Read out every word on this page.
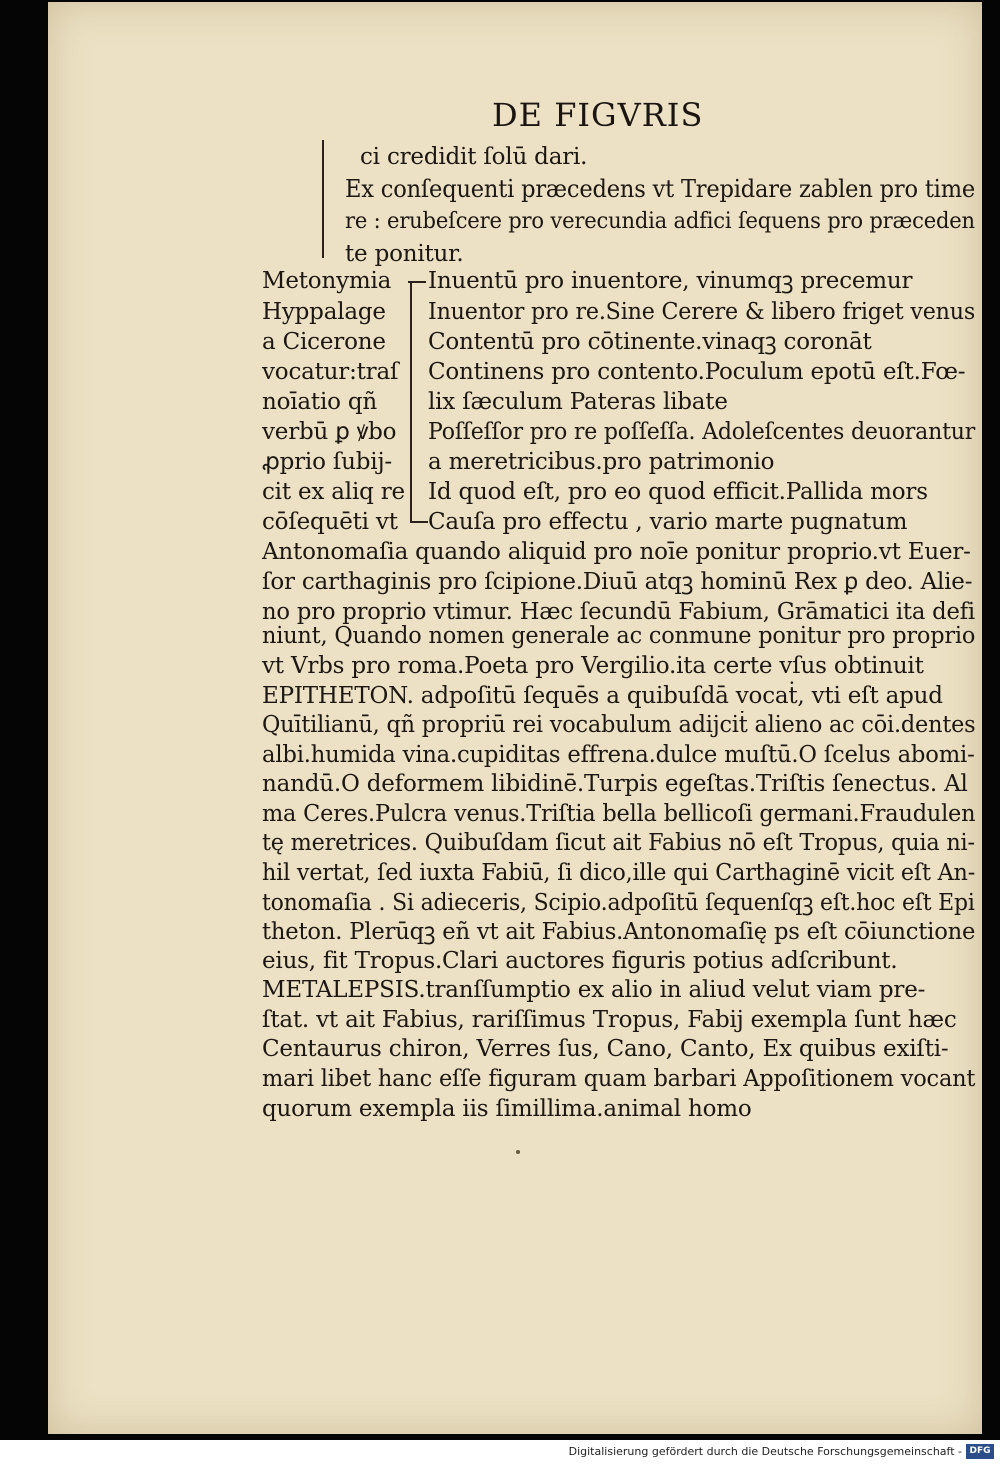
DE FIGVRIS
ci credidit ſolū dari.
Ex conſequenti præcedens vt Trepidare zablen pro time
re : erubeſcere pro verecundia adfici ſequens pro præceden
te ponitur.
Metonymia
Hyppalage
a Cicerone
vocatur:traſ
noīatio qñ
verbū ꝑ ꝟbo
ꝓprio ſubij-
cit ex aliq re
cōſequēti vt
Inuentū pro inuentore, vinumqꝫ precemur
Inuentor pro re.Sine Cerere & libero friget venus
Contentū pro cōtinente.vinaqꝫ coronāt
Continens pro contento.Poculum epotū eſt.Fœ-
lix ſæculum Pateras libate
Poſſeſſor pro re poſſeſſa. Adoleſcentes deuorantur
a meretricibus.pro patrimonio
Id quod eſt, pro eo quod efficit.Pallida mors
Cauſa pro effectu , vario marte pugnatum
Antonomaſia quando aliquid pro noīe ponitur proprio.vt Euer-
ſor carthaginis pro ſcipione.Diuū atqꝫ hominū Rex ꝑ deo. Alie-
no pro proprio vtimur. Hæc ſecundū Fabium, Grāmatici ita defi
niunt, Quando nomen generale ac conmune ponitur pro proprio
vt Vrbs pro roma.Poeta pro Vergilio.ita certe vſus obtinuit
EPITHETON. adpoſitū ſequēs a quibuſdā vocaṫ, vti eſt apud
Quītilianū, qñ propriū rei vocabulum adijciṫ alieno ac cōi.dentes
albi.humida vina.cupiditas effrena.dulce muſtū.O ſcelus abomi-
nandū.O deformem libidinē.Turpis egeſtas.Triſtis ſenectus. Al
ma Ceres.Pulcra venus.Triſtia bella bellicoſi germani.Fraudulen
tę meretrices. Quibuſdam ſicut ait Fabius nō eſt Tropus, quia ni-
hil vertat, ſed iuxta Fabiū, ſi dico,ille qui Carthaginē vicit eſt An-
tonomaſia . Si adieceris, Scipio.adpoſitū ſequenſqꝫ eſt.hoc eſt Epi
theton. Plerūqꝫ eñ vt ait Fabius.Antonomaſię ps eſt cōiunctione
eius, fit Tropus.Clari auctores figuris potius adſcribunt.
METALEPSIS.tranſſumptio ex alio in aliud velut viam pre-
ſtat. vt ait Fabius, rariſſimus Tropus, Fabij exempla ſunt hæc
Centaurus chiron, Verres ſus, Cano, Canto, Ex quibus exiſti-
mari libet hanc eſſe figuram quam barbari Appoſitionem vocant
quorum exempla iis ſimillima.animal homo
Digitalisierung gefördert durch die Deutsche Forschungsgemeinschaft - DFG
